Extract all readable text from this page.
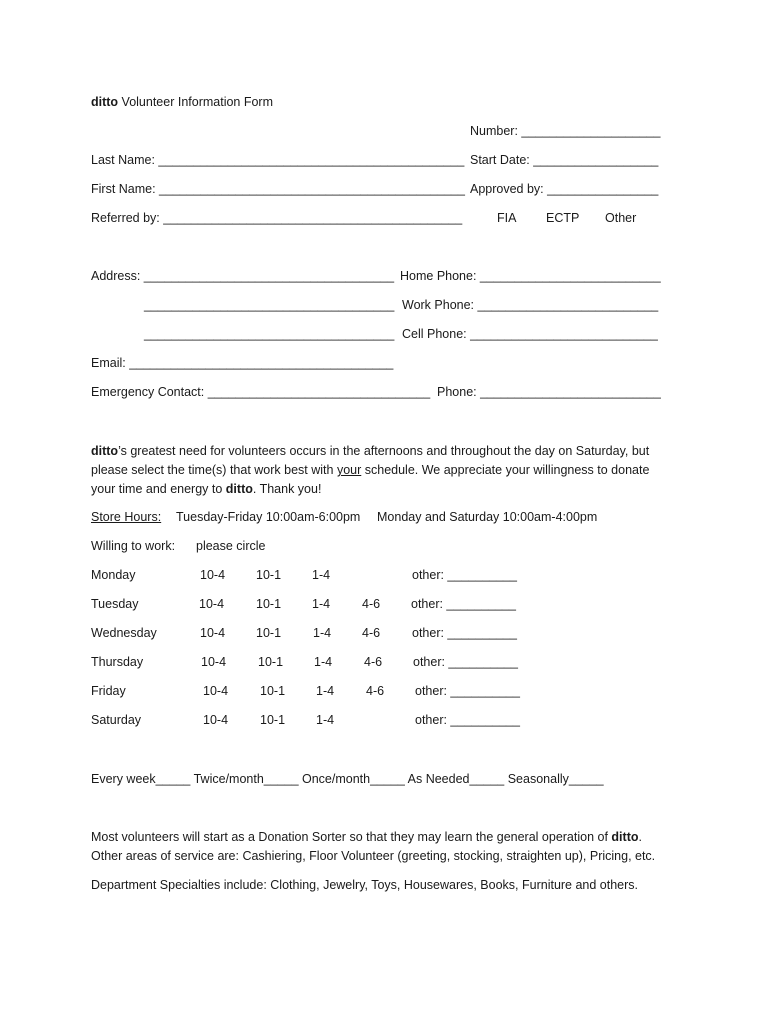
ditto Volunteer Information Form
Number: ____________________
Last Name: ____________________________________________ Start Date: __________________
First Name: ____________________________________________ Approved by: ________________
Referred by: ___________________________________________	FIA ECTP Other
Address: ____________________________________ Home Phone: __________________________
____________________________________ Work Phone: __________________________
____________________________________ Cell Phone: ___________________________
Email: ______________________________________
Emergency Contact: ________________________________ Phone: __________________________
ditto’s greatest need for volunteers occurs in the afternoons and throughout the day on Saturday, but please select the time(s) that work best with your schedule. We appreciate your willingness to donate your time and energy to ditto. Thank you!
Store Hours: Tuesday-Friday 10:00am-6:00pm Monday and Saturday 10:00am-4:00pm
Willing to work: please circle
Monday	10-4 10-1 1-4	other: __________
Tuesday	10-4	10-1 1-4	4-6 other: __________
Wednesday	10-4 10-1	1-4 4-6	other: __________
Thursday	10-4	10-1 1-4	4-6 other: __________
Friday	10-4	10-1 1-4	4-6 other: __________
Saturday	10-4	10-1 1-4	other: __________
Every week_____ Twice/month_____ Once/month_____ As Needed_____ Seasonally_____
Most volunteers will start as a Donation Sorter so that they may learn the general operation of ditto. Other areas of service are: Cashiering, Floor Volunteer (greeting, stocking, straighten up), Pricing, etc.
Department Specialties include: Clothing, Jewelry, Toys, Housewares, Books, Furniture and others.
